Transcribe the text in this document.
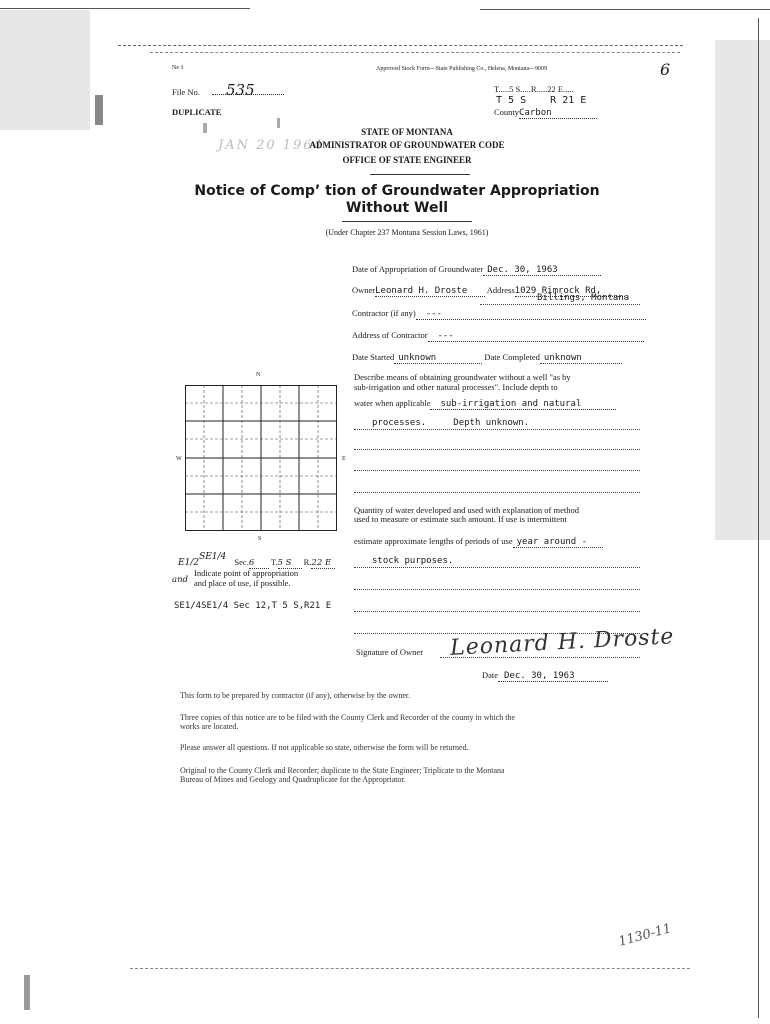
Ne 3	Approved Stock Form—State Publishing Co., Helena, Montana—9009	6
File No.	535
DUPLICATE
T.....5 S.....R.....22 E.....
T 5 S    R 21 E
CountyCarbon
JAN 20 1964
STATE OF MONTANA
ADMINISTRATOR OF GROUNDWATER CODE
OFFICE OF STATE ENGINEER
Notice of Comp’ tion of Groundwater Appropriation
Without Well
(Under Chapter 237 Montana Session Laws, 1961)
Date of Appropriation of Groundwater Dec. 30, 1963
OwnerLeonard H. Droste Address1029 Rimrock Rd,
Billings, Montana
Contractor (if any) ---
Address of Contractor ---
Date Started unknown	Date Completed unknown
Describe means of obtaining groundwater without a well "as by
sub-irrigation and other natural processes". Include depth to
water when applicable sub-irrigation and natural
processes.     Depth unknown.
Quantity of water developed and used with explanation of method
used to measure or estimate such amount. If use is intermittent
estimate approximate lengths of periods of use year around -
stock purposes.
Signature of Owner Leonard H. Droste
Date Dec. 30, 1963
N
S
W	E
E1/2SE1/4 Sec.6 T.5 S R.22 E
Indicate point of appropriation
and and place of use, if possible.
SE1/4SE1/4 Sec 12,T 5 S,R21 E
This form to be prepared by contractor (if any), otherwise by the owner.
Three copies of this notice are to be filed with the County Clerk and Recorder of the county in which the
works are located.
Please answer all questions. If not applicable so state, otherwise the form will be returned.
Original to the County Clerk and Recorder; duplicate to the State Engineer; Triplicate to the Montana
Bureau of Mines and Geology and Quadruplicate for the Appropriator.
1130-11
